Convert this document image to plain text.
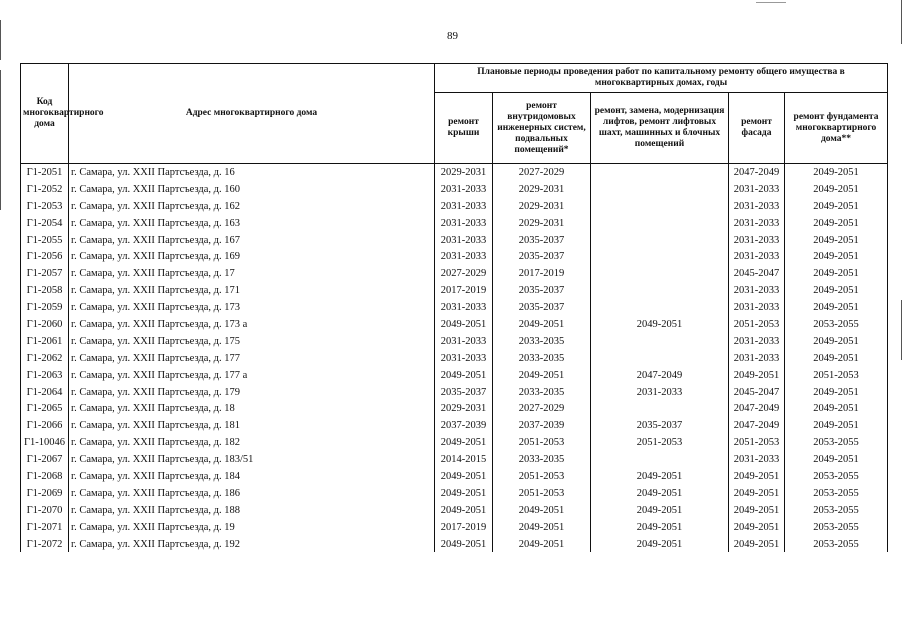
89
Код многоквартирного дома	Адрес многоквартирного дома	Плановые периоды проведения работ по капитальному ремонту общего имущества в многоквартирных домах, годы				
		ремонт крыши	ремонт внутридомовых инженерных систем, подвальных помещений*	ремонт, замена, модернизация лифтов, ремонт лифтовых шахт, машинных и блочных помещений	ремонт фасада	ремонт фундамента многоквартирного дома**
Г1-2051	г. Самара, ул. XXII Партсъезда, д. 16	2029-2031	2027-2029		2047-2049	2049-2051
Г1-2052	г. Самара, ул. XXII Партсъезда, д. 160	2031-2033	2029-2031		2031-2033	2049-2051
Г1-2053	г. Самара, ул. XXII Партсъезда, д. 162	2031-2033	2029-2031		2031-2033	2049-2051
Г1-2054	г. Самара, ул. XXII Партсъезда, д. 163	2031-2033	2029-2031		2031-2033	2049-2051
Г1-2055	г. Самара, ул. XXII Партсъезда, д. 167	2031-2033	2035-2037		2031-2033	2049-2051
Г1-2056	г. Самара, ул. XXII Партсъезда, д. 169	2031-2033	2035-2037		2031-2033	2049-2051
Г1-2057	г. Самара, ул. XXII Партсъезда, д. 17	2027-2029	2017-2019		2045-2047	2049-2051
Г1-2058	г. Самара, ул. XXII Партсъезда, д. 171	2017-2019	2035-2037		2031-2033	2049-2051
Г1-2059	г. Самара, ул. XXII Партсъезда, д. 173	2031-2033	2035-2037		2031-2033	2049-2051
Г1-2060	г. Самара, ул. XXII Партсъезда, д. 173 а	2049-2051	2049-2051	2049-2051	2051-2053	2053-2055
Г1-2061	г. Самара, ул. XXII Партсъезда, д. 175	2031-2033	2033-2035		2031-2033	2049-2051
Г1-2062	г. Самара, ул. XXII Партсъезда, д. 177	2031-2033	2033-2035		2031-2033	2049-2051
Г1-2063	г. Самара, ул. XXII Партсъезда, д. 177 а	2049-2051	2049-2051	2047-2049	2049-2051	2051-2053
Г1-2064	г. Самара, ул. XXII Партсъезда, д. 179	2035-2037	2033-2035	2031-2033	2045-2047	2049-2051
Г1-2065	г. Самара, ул. XXII Партсъезда, д. 18	2029-2031	2027-2029		2047-2049	2049-2051
Г1-2066	г. Самара, ул. XXII Партсъезда, д. 181	2037-2039	2037-2039	2035-2037	2047-2049	2049-2051
Г1-10046	г. Самара, ул. XXII Партсъезда, д. 182	2049-2051	2051-2053	2051-2053	2051-2053	2053-2055
Г1-2067	г. Самара, ул. XXII Партсъезда, д. 183/51	2014-2015	2033-2035		2031-2033	2049-2051
Г1-2068	г. Самара, ул. XXII Партсъезда, д. 184	2049-2051	2051-2053	2049-2051	2049-2051	2053-2055
Г1-2069	г. Самара, ул. XXII Партсъезда, д. 186	2049-2051	2051-2053	2049-2051	2049-2051	2053-2055
Г1-2070	г. Самара, ул. XXII Партсъезда, д. 188	2049-2051	2049-2051	2049-2051	2049-2051	2053-2055
Г1-2071	г. Самара, ул. XXII Партсъезда, д. 19	2017-2019	2049-2051	2049-2051	2049-2051	2053-2055
Г1-2072	г. Самара, ул. XXII Партсъезда, д. 192	2049-2051	2049-2051	2049-2051	2049-2051	2053-2055
